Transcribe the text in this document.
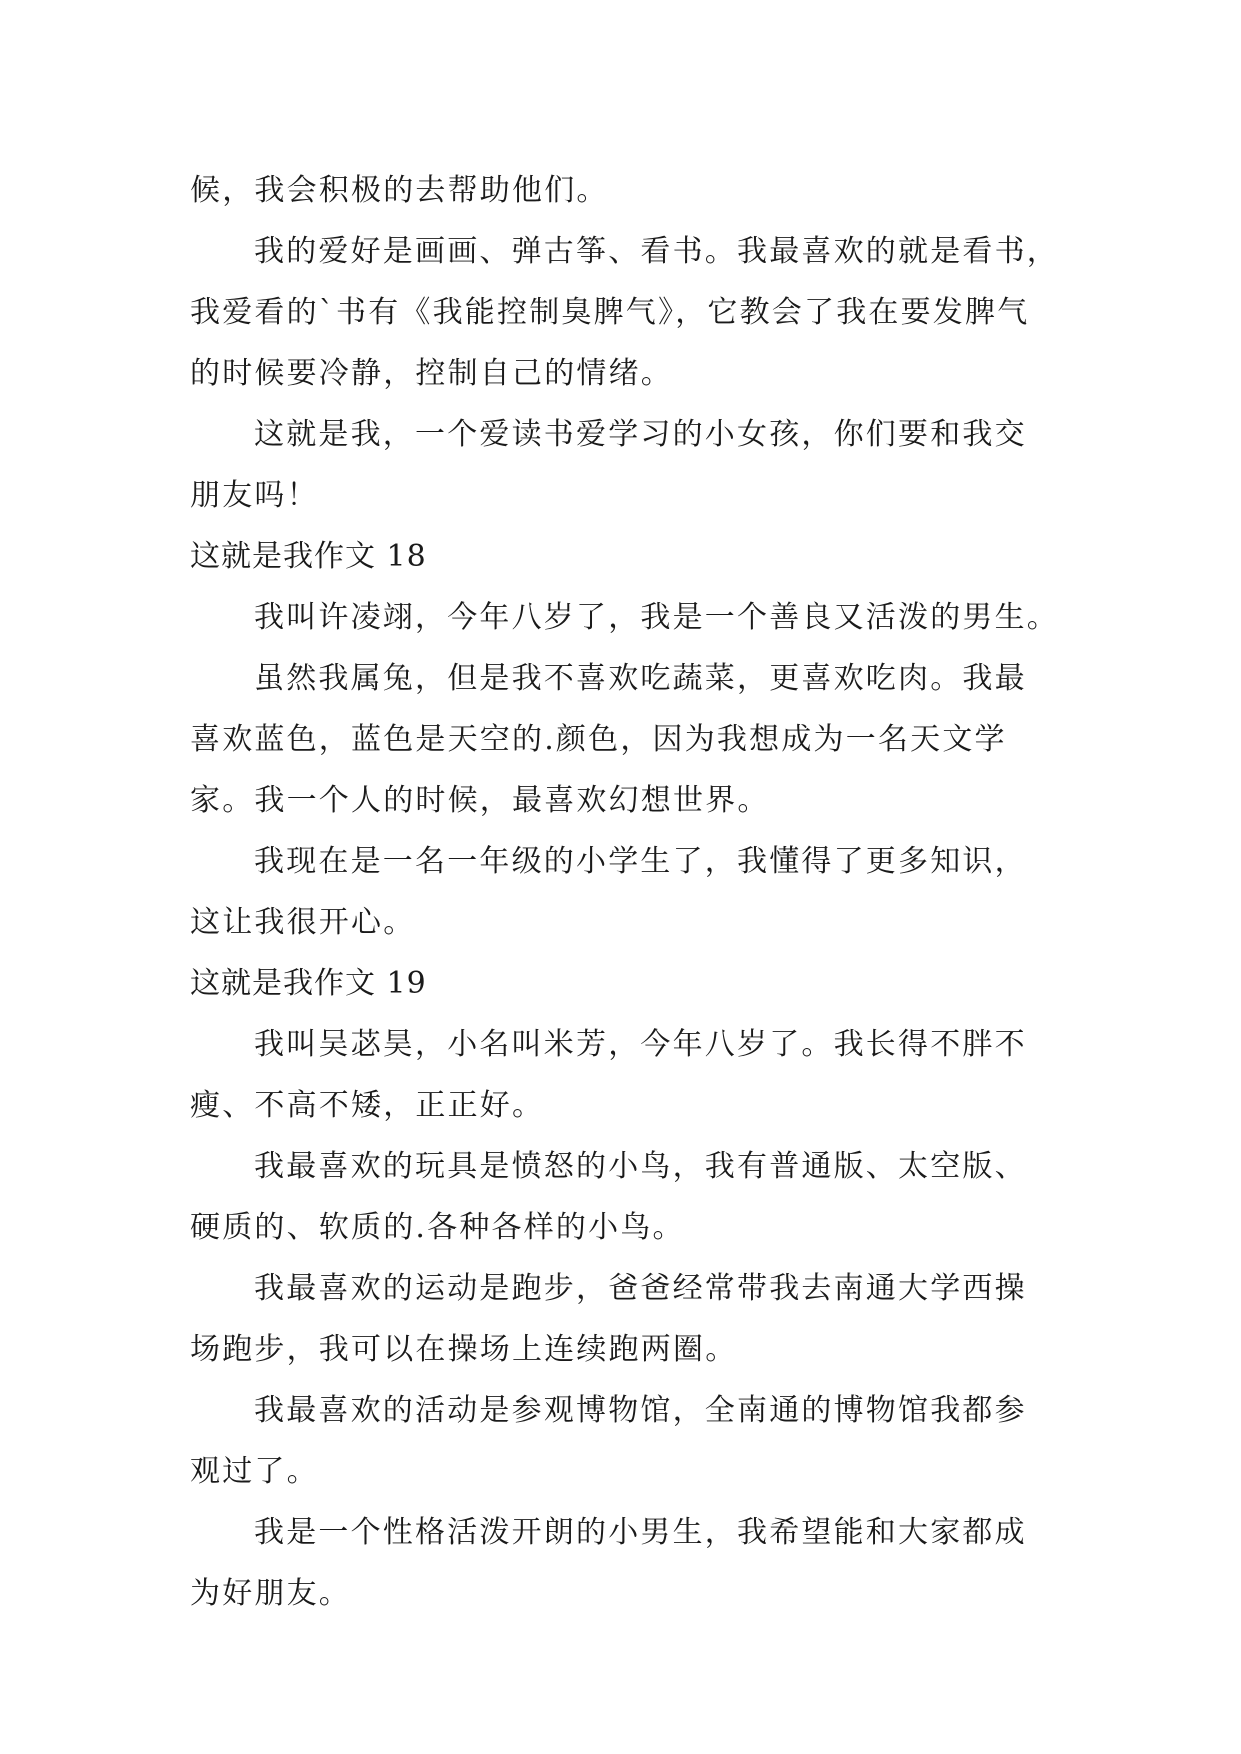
候，我会积极的去帮助他们。
我的爱好是画画、弹古筝、看书。我最喜欢的就是看书，
我爱看的`书有《我能控制臭脾气》，它教会了我在要发脾气
的时候要冷静，控制自己的情绪。
这就是我，一个爱读书爱学习的小女孩，你们要和我交
朋友吗！
这就是我作文 18
我叫许凌翊，今年八岁了，我是一个善良又活泼的男生。
虽然我属兔，但是我不喜欢吃蔬菜，更喜欢吃肉。我最
喜欢蓝色，蓝色是天空的.颜色，因为我想成为一名天文学
家。我一个人的时候，最喜欢幻想世界。
我现在是一名一年级的小学生了，我懂得了更多知识，
这让我很开心。
这就是我作文 19
我叫吴苾昊，小名叫米芳，今年八岁了。我长得不胖不
瘦、不高不矮，正正好。
我最喜欢的玩具是愤怒的小鸟，我有普通版、太空版、
硬质的、软质的.各种各样的小鸟。
我最喜欢的运动是跑步，爸爸经常带我去南通大学西操
场跑步，我可以在操场上连续跑两圈。
我最喜欢的活动是参观博物馆，全南通的博物馆我都参
观过了。
我是一个性格活泼开朗的小男生，我希望能和大家都成
为好朋友。
